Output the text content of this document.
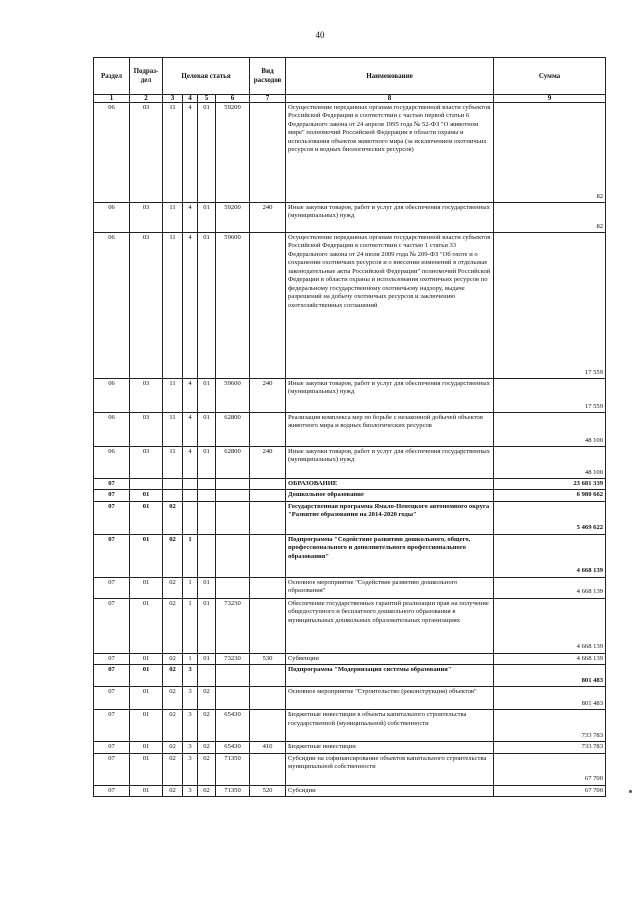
40
Раздел	Подраз-дел	Целевая статья				Вид расходов	Наименование	Сумма
1	2	3	4	5	6	7	8	9
06	03	11	4	01	59200		Осуществление переданных органам государственной власти субъектов Российской Федерации в соответствии с частью первой статьи 6 Федерального закона от 24 апреля 1995 года № 52-ФЗ "О животном мире" полномочий Российской Федерации в области охраны и использования объектов животного мира (за исключением охотничьих ресурсов и водных биологических ресурсов)	82
06	03	11	4	01	59200	240	Иные закупки товаров, работ и услуг для обеспечения государственных (муниципальных) нужд	82
06	03	11	4	01	59600		Осуществление переданных органам государственной власти субъектов Российской Федерации в соответствии с частью 1 статьи 33 Федерального закона от 24 июля 2009 года № 209-ФЗ "Об охоте и о сохранении охотничьих ресурсов и о внесении изменений в отдельные законодательные акты Российской Федерации" полномочий Российской Федерации в области охраны и использования охотничьих ресурсов по федеральному государственному охотничьему надзору, выдаче разрешений на добычу охотничьих ресурсов и заключению охотхозяйственных соглашений	17 559
06	03	11	4	01	59600	240	Иные закупки товаров, работ и услуг для обеспечения государственных (муниципальных) нужд	17 559
06	03	11	4	01	62800		Реализация комплекса мер по борьбе с незаконной добычей объектов животного мира и водных биологических ресурсов	48 100
06	03	11	4	01	62800	240	Иные закупки товаров, работ и услуг для обеспечения государственных (муниципальных) нужд	48 100
07							ОБРАЗОВАНИЕ	23 681 339
07	01						Дошкольное образование	6 980 662
07	01	02					Государственная программа Ямало-Ненецкого автономного округа "Развитие образования на 2014-2020 годы"	5 469 622
07	01	02	1				Подпрограмма "Содействие развитию дошкольного, общего, профессионального и дополнительного профессионального образования"	4 668 139
07	01	02	1	01			Основное мероприятие "Содействие развитию дошкольного образования"	4 668 139
07	01	02	1	01	73230		Обеспечение государственных гарантий реализации прав на получение общедоступного и бесплатного дошкольного образования в муниципальных дошкольных образовательных организациях	4 668 139
07	01	02	1	01	73230	530	Субвенции	4 668 139
07	01	02	3				Подпрограмма "Модернизация системы образования"	801 483
07	01	02	3	02			Основное мероприятие "Строительство (реконструкция) объектов"	801 483
07	01	02	3	02	65430		Бюджетные инвестиции в объекты капитального строительства государственной (муниципальной) собственности	733 783
07	01	02	3	02	65430	410	Бюджетные инвестиции	733 783
07	01	02	3	02	71350		Субсидии на софинансирование объектов капитального строительства муниципальной собственности	67 700
07	01	02	3	02	71350	520	Субсидии	67 700
